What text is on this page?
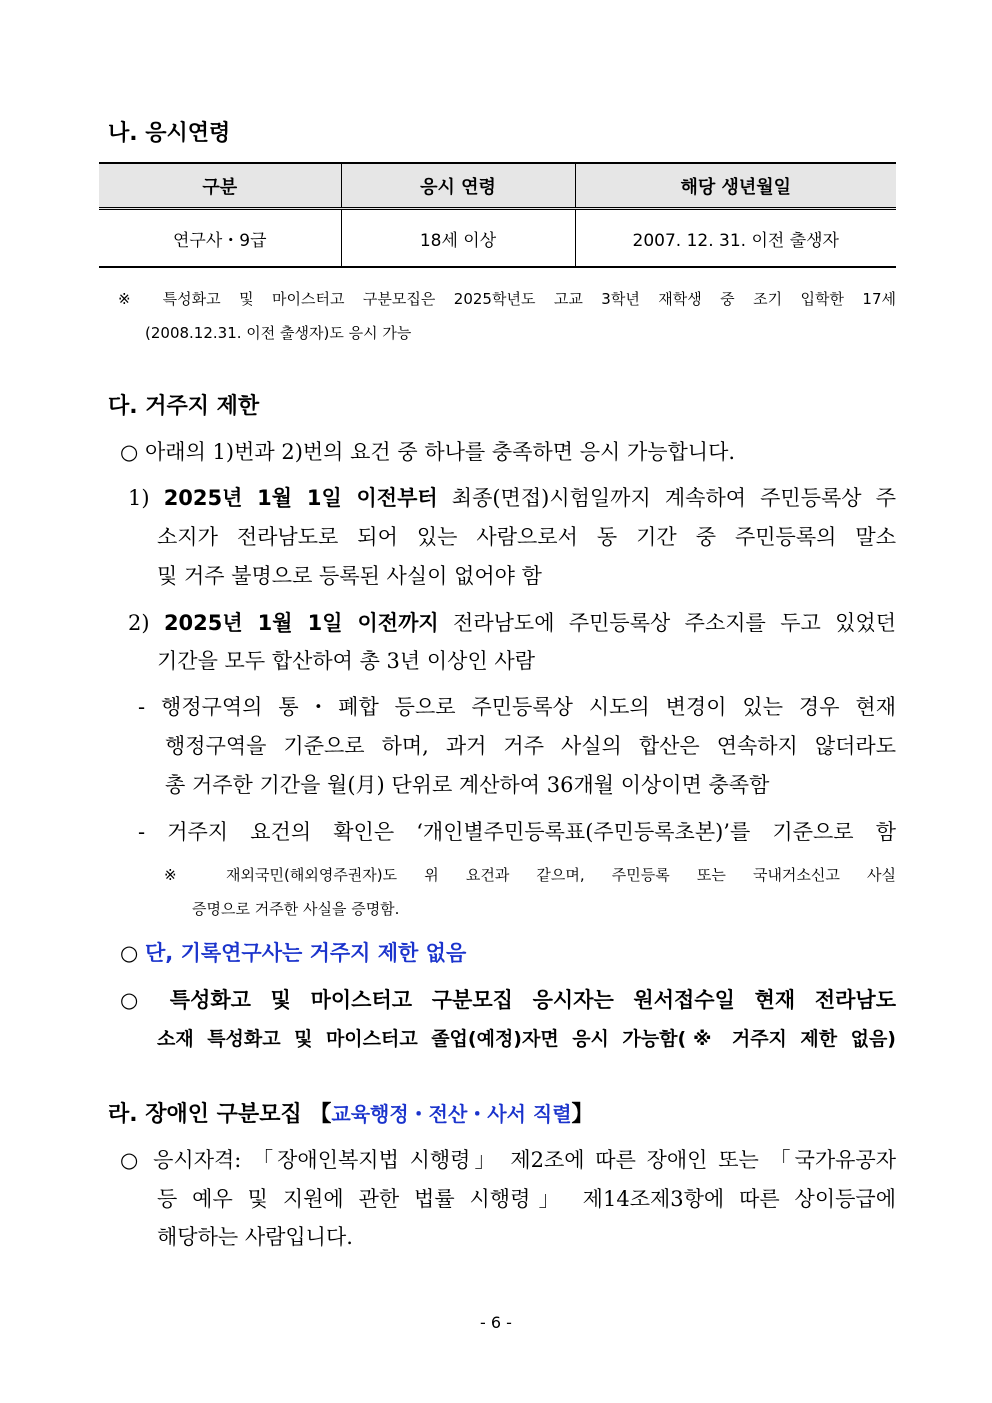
나. 응시연령
구분	응시 연령	해당 생년월일
연구사・9급	18세 이상	2007. 12. 31. 이전 출생자
※ 특성화고 및 마이스터고 구분모집은 2025학년도 고교 3학년 재학생 중 조기 입학한 17세
(2008.12.31. 이전 출생자)도 응시 가능
다. 거주지 제한
○ 아래의 1)번과 2)번의 요건 중 하나를 충족하면 응시 가능합니다.
1) 2025년 1월 1일 이전부터 최종(면접)시험일까지 계속하여 주민등록상 주
소지가 전라남도로 되어 있는 사람으로서 동 기간 중 주민등록의 말소
및 거주 불명으로 등록된 사실이 없어야 함
2) 2025년 1월 1일 이전까지 전라남도에 주민등록상 주소지를 두고 있었던
기간을 모두 합산하여 총 3년 이상인 사람
- 행정구역의 통・폐합 등으로 주민등록상 시도의 변경이 있는 경우 현재
행정구역을 기준으로 하며, 과거 거주 사실의 합산은 연속하지 않더라도
총 거주한 기간을 월(月) 단위로 계산하여 36개월 이상이면 충족함
- 거주지 요건의 확인은 ‘개인별주민등록표(주민등록초본)’를 기준으로 함
※ 재외국민(해외영주권자)도 위 요건과 같으며, 주민등록 또는 국내거소신고 사실
증명으로 거주한 사실을 증명함.
○ 단, 기록연구사는 거주지 제한 없음
○ 특성화고 및 마이스터고 구분모집 응시자는 원서접수일 현재 전라남도
소재 특성화고 및 마이스터고 졸업(예정)자면 응시 가능함(※ 거주지 제한 없음)
라. 장애인 구분모집 【교육행정・전산・사서 직렬】
○ 응시자격: 「장애인복지법 시행령」 제2조에 따른 장애인 또는 「국가유공자
등 예우 및 지원에 관한 법률 시행령」 제14조제3항에 따른 상이등급에
해당하는 사람입니다.
- 6 -
